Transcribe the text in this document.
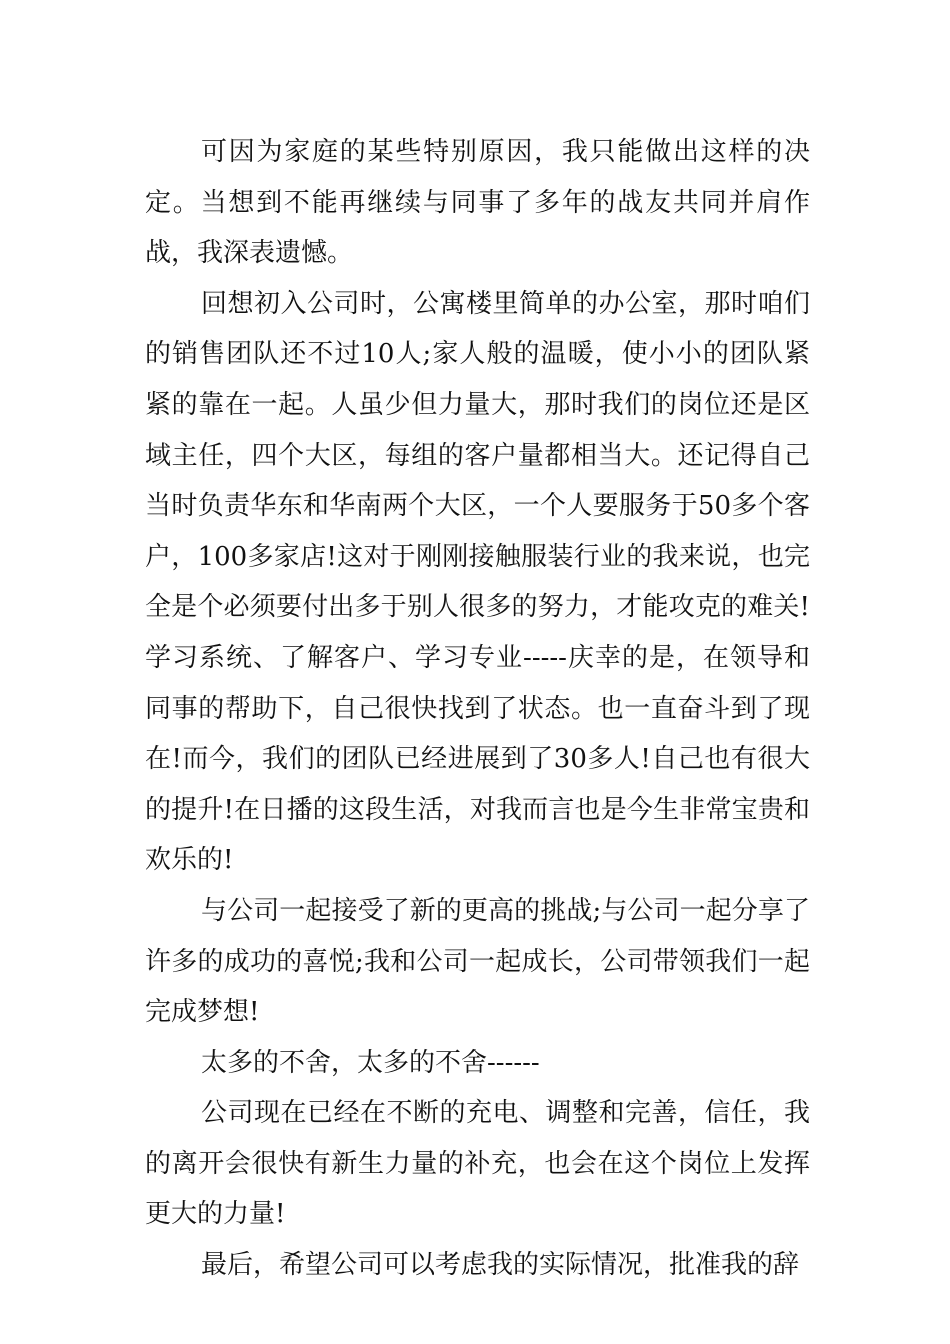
可因为家庭的某些特别原因，我只能做出这样的决定。当想到不能再继续与同事了多年的战友共同并肩作战，我深表遗憾。

回想初入公司时，公寓楼里简单的办公室，那时咱们的销售团队还不过10人;家人般的温暖，使小小的团队紧紧的靠在一起。人虽少但力量大，那时我们的岗位还是区域主任，四个大区，每组的客户量都相当大。还记得自己当时负责华东和华南两个大区，一个人要服务于50多个客户，100多家店!这对于刚刚接触服装行业的我来说，也完全是个必须要付出多于别人很多的努力，才能攻克的难关!学习系统、了解客户、学习专业-----庆幸的是，在领导和同事的帮助下，自己很快找到了状态。也一直奋斗到了现在!而今，我们的团队已经进展到了30多人!自己也有很大的提升!在日播的这段生活，对我而言也是今生非常宝贵和欢乐的!

与公司一起接受了新的更高的挑战;与公司一起分享了许多的成功的喜悦;我和公司一起成长，公司带领我们一起完成梦想!

太多的不舍，太多的不舍------

公司现在已经在不断的充电、调整和完善，信任，我的离开会很快有新生力量的补充，也会在这个岗位上发挥更大的力量!

最后，希望公司可以考虑我的实际情况，批准我的辞
